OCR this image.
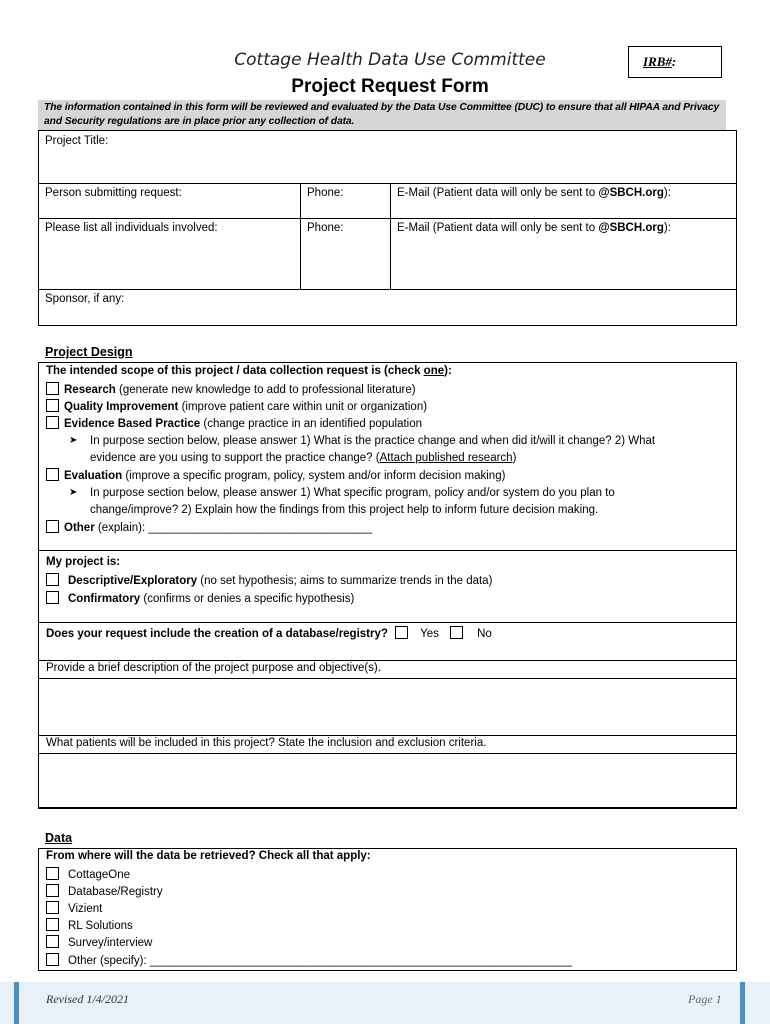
Cottage Health Data Use Committee	IRB#:
Project Request Form
The information contained in this form will be reviewed and evaluated by the Data Use Committee (DUC) to ensure that all HIPAA and Privacy and Security regulations are in place prior any collection of data.
Project Title:
Person submitting request:	Phone:	E-Mail (Patient data will only be sent to @SBCH.org):
Please list all individuals involved:	Phone:	E-Mail (Patient data will only be sent to @SBCH.org):
Sponsor, if any:
Project Design
The intended scope of this project / data collection request is (check one):
Research (generate new knowledge to add to professional literature)
Quality Improvement (improve patient care within unit or organization)
Evidence Based Practice (change practice in an identified population
➤ In purpose section below, please answer 1) What is the practice change and when did it/will it change? 2) What
evidence are you using to support the practice change? (Attach published research)
Evaluation (improve a specific program, policy, system and/or inform decision making)
➤ In purpose section below, please answer 1) What specific program, policy and/or system do you plan to
change/improve? 2) Explain how the findings from this project help to inform future decision making.
Other (explain): ___________________________________
My project is:
Descriptive/Exploratory (no set hypothesis; aims to summarize trends in the data)
Confirmatory (confirms or denies a specific hypothesis)
Does your request include the creation of a database/registry?	Yes	No
Provide a brief description of the project purpose and objective(s).
What patients will be included in this project? State the inclusion and exclusion criteria.
Data
From where will the data be retrieved? Check all that apply:
CottageOne
Database/Registry
Vizient
RL Solutions
Survey/interview
Other (specify): __________________________________________________________________
Revised 1/4/2021	Page 1
